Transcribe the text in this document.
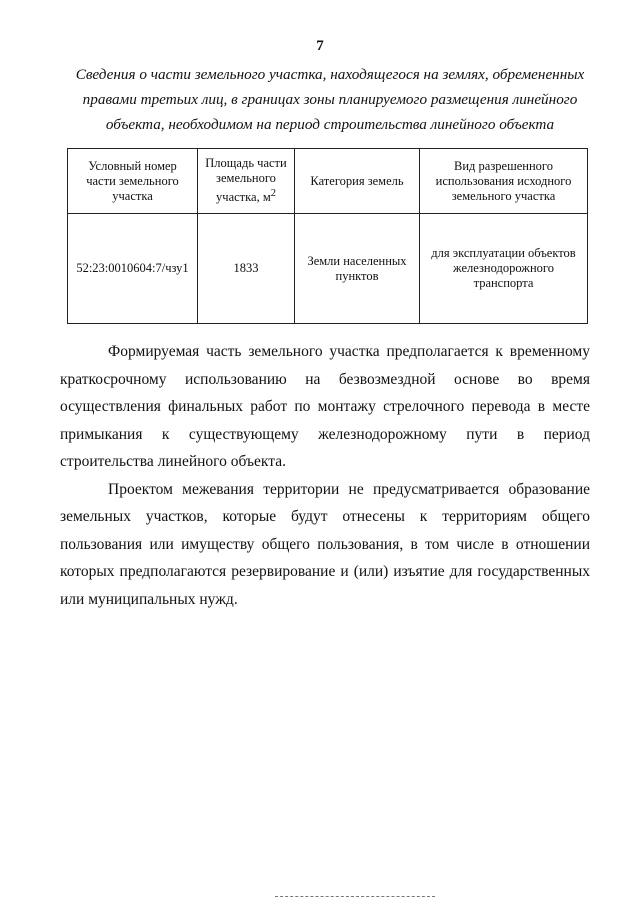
7
Сведения о части земельного участка, находящегося на землях, обремененных
правами третьих лиц, в границах зоны планируемого размещения линейного
объекта, необходимом на период строительства линейного объекта
Условный номер части земельного участка	Площадь части земельного участка, $м^2$	Категория земель	Вид разрешенного использования исходного земельного участка
52:23:0010604:7/чзу1	1833	Земли населенных пунктов	для эксплуатации объектов железнодорожного транспорта

Формируемая часть земельного участка предполагается к временному краткосрочному использованию на безвозмездной основе во время осуществления финальных работ по монтажу стрелочного перевода в месте примыкания к существующему железнодорожному пути в период строительства линейного объекта.

Проектом межевания территории не предусматривается образование земельных участков, которые будут отнесены к территориям общего пользования или имуществу общего пользования, в том числе в отношении которых предполагаются резервирование и (или) изъятие для государственных или муниципальных нужд.
